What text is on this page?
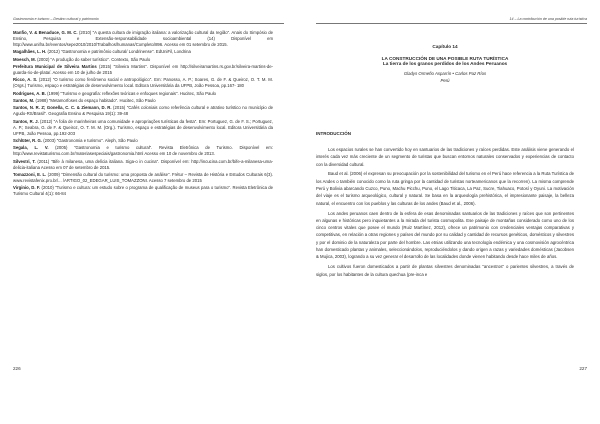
Gastronomia e turismo – Destino cultural y patrimonio

Manfio, V. & Benaduce, G. M. C. (2010) "A questa cultura de imigração italiana: a valorização cultural da região". Anais do Simpósio de Ensino, Pesquisa e Extensão-responsabilidade socioambiental (14) Disponível em http://www.unifra.br/eventos/sepe2010/2010/Trabalhos/humanas/Completo/896. Acesso em 01 setembro de 2015.

Magalhães, L. H. (2012) "Gastronomia e patrimônio cultural/ Londrinense". EdUniFil, Londrina

Moesch, M. (2002) "A produção do saber turístico". Contexto, São Paulo

Prefeitura Municipal de Silveira Martins (2015) "Silveira Martins". Disponível em http://silveiramartins.rs.gov.br/silveira-martins-de-guarda-rio-de-plata/. Acesso em 10 de julho de 2015

Ricco, A. S. (2012) "O turismo como fenômeno social e antropológico". Em: Panosso, A. P.; Soares, G. de F. & Queiroz, O. T. M. M. (Orgs.) Turismo, espaço e estratégias de desenvolvimento local. Editora Universitária da UFPB, João Pessoa, pp.167- 180

Rodrigues, A. B. (1999) "Turismo e geografia: reflexões teóricas e enfoques regionais". Hucitec, São Paulo

Santos, M. (1988) "Metamorfoses do espaço habitado". Hucitec, São Paulo

Santos, N. R. Z; Gonella, C. C. & Ziemann, D. R. (2015) "Cafés coloniais como referência cultural e atrativo turístico no município de Agudo-RS/Brasil". Geografia Ensino & Pesquisa 19(1): 39-48

Santos, R. J. (2012) "A folia de marinheiras uma comunidade e apropriações turísticas da festa". Em: Portuguez, G. de F. S.; Portuguez, A. P.; Seabra, G. de F. & Queiroz, O. T. M. M. (Org.). Turismo, espaço e estratégias de desenvolvimento local. Editora Universitária da UFPB, João Pessoa, pp.192-203

Schlüter, R. G. (2003) "Gastronomia e turismo". Aleph, São Paulo

Segala, L. V. (2005) "Gastronomia e turismo cultural". Revista Eletrônica de Turismo. Disponível em: http://www.revistaturismo.com.br/materiasespeciais/gastronomia.html Acesso em 10 de novembro de 2013.

Silvestri, T. (2011) "Bife à milanesa, uma delícia italiana. Siga-o in cucina". Disponível em: http://incucina.com.br/bife-a-milanesa-uma-delicia-italiana Acesso em 07 de setembro de 2015.

Tomazzoni, E. L. (2009) "Dimensão cultural do turismo: uma proposta de análise". Frétur – Revista de História e Estudos Culturais 6(3). www.revistafenix.pro.br/... /ARTIGO_02_EDEGAR_LUIS_TOMAZZONI. Acesso 7 setembro de 2015

Virginio, D. F. (2010) "Turismo e cultura: um estudo sobre o programa de qualificação de museus para o turismo". Revista Eletrônica de Turismo Cultural 4(1): 66-84

226
14 – La contribución de una posible ruta turística
Capítulo 14
LA CONSTRUCCIÓN DE UNA POSIBLE RUTA TURÍSTICA
La tierra de los granos perdidos de los Andes Peruanos
Gladys Ormeño Asparrín • Carlos Paz Ríos
Perú
INTRODUCCIÓN

Los espacios rurales se han convertido hoy en santuarios de las tradiciones y raíces perdidas. Este análisis viene generando el interés cada vez más creciente de un segmento de turistas que buscan entornos naturales conservados y experiencias de contacto con la diversidad cultural.

Baud et al. (2006) el expresan su preocupación por la sostenibilidad del turismo en el Perú hace referencia a la Ruta Turística de los Andes o también conocido como la ruta gringa por la cantidad de turistas norteamericanos que la recorren). La misma comprende Perú y Bolivia abarcando Cuzco, Puno, Machu Picchu, Puno, el Lago Titicaca, La Paz, Sucre, Tiahuaco, Potosí y Oyuni. La motivación del viaje es el turismo arqueológico, cultural y natural. Se basa en la arqueología prehistórica, el impresionante paisaje, la belleza natural, el encuentro con los pueblos y las culturas de los andes (Baud et al., 2006).

Los andes peruanos caen dentro de la esfera de esas denominadas santuarios de las tradiciones y raíces que son pertinentes en algunas e históricas pero inquietantes a la mirada del turista cosmopolita. Ese paisaje de montañas considerado como uno de los cinco centros vitales que posee el mundo (Ruiz Martínez, 2012), ofrece un patrimonio con credenciales ventajas comparativas y competitivas, en relación a otras regiones y países del mundo por su calidad y cantidad de recursos genéticos, domésticos y silvestres y por el dominio de la naturaleza por parte del hombre. Las etnias utilizando una tecnología endémica y una cosmovisión agrocéntrica han domesticado plantas y animales, seleccionándolos, reproduciéndolos y dando origen a razas y variedades domésticas (Jacobsen & Mujica, 2003), logrando a su vez generar el desarrollo de las localidades donde vienen habitando desde hace miles de años.

Los cultivos fueron domesticados a partir de plantas silvestres denominadas "ancestros" o parientes silvestres, a través de siglos, por los habitantes de la cultura quechua (pre-inca e

227
